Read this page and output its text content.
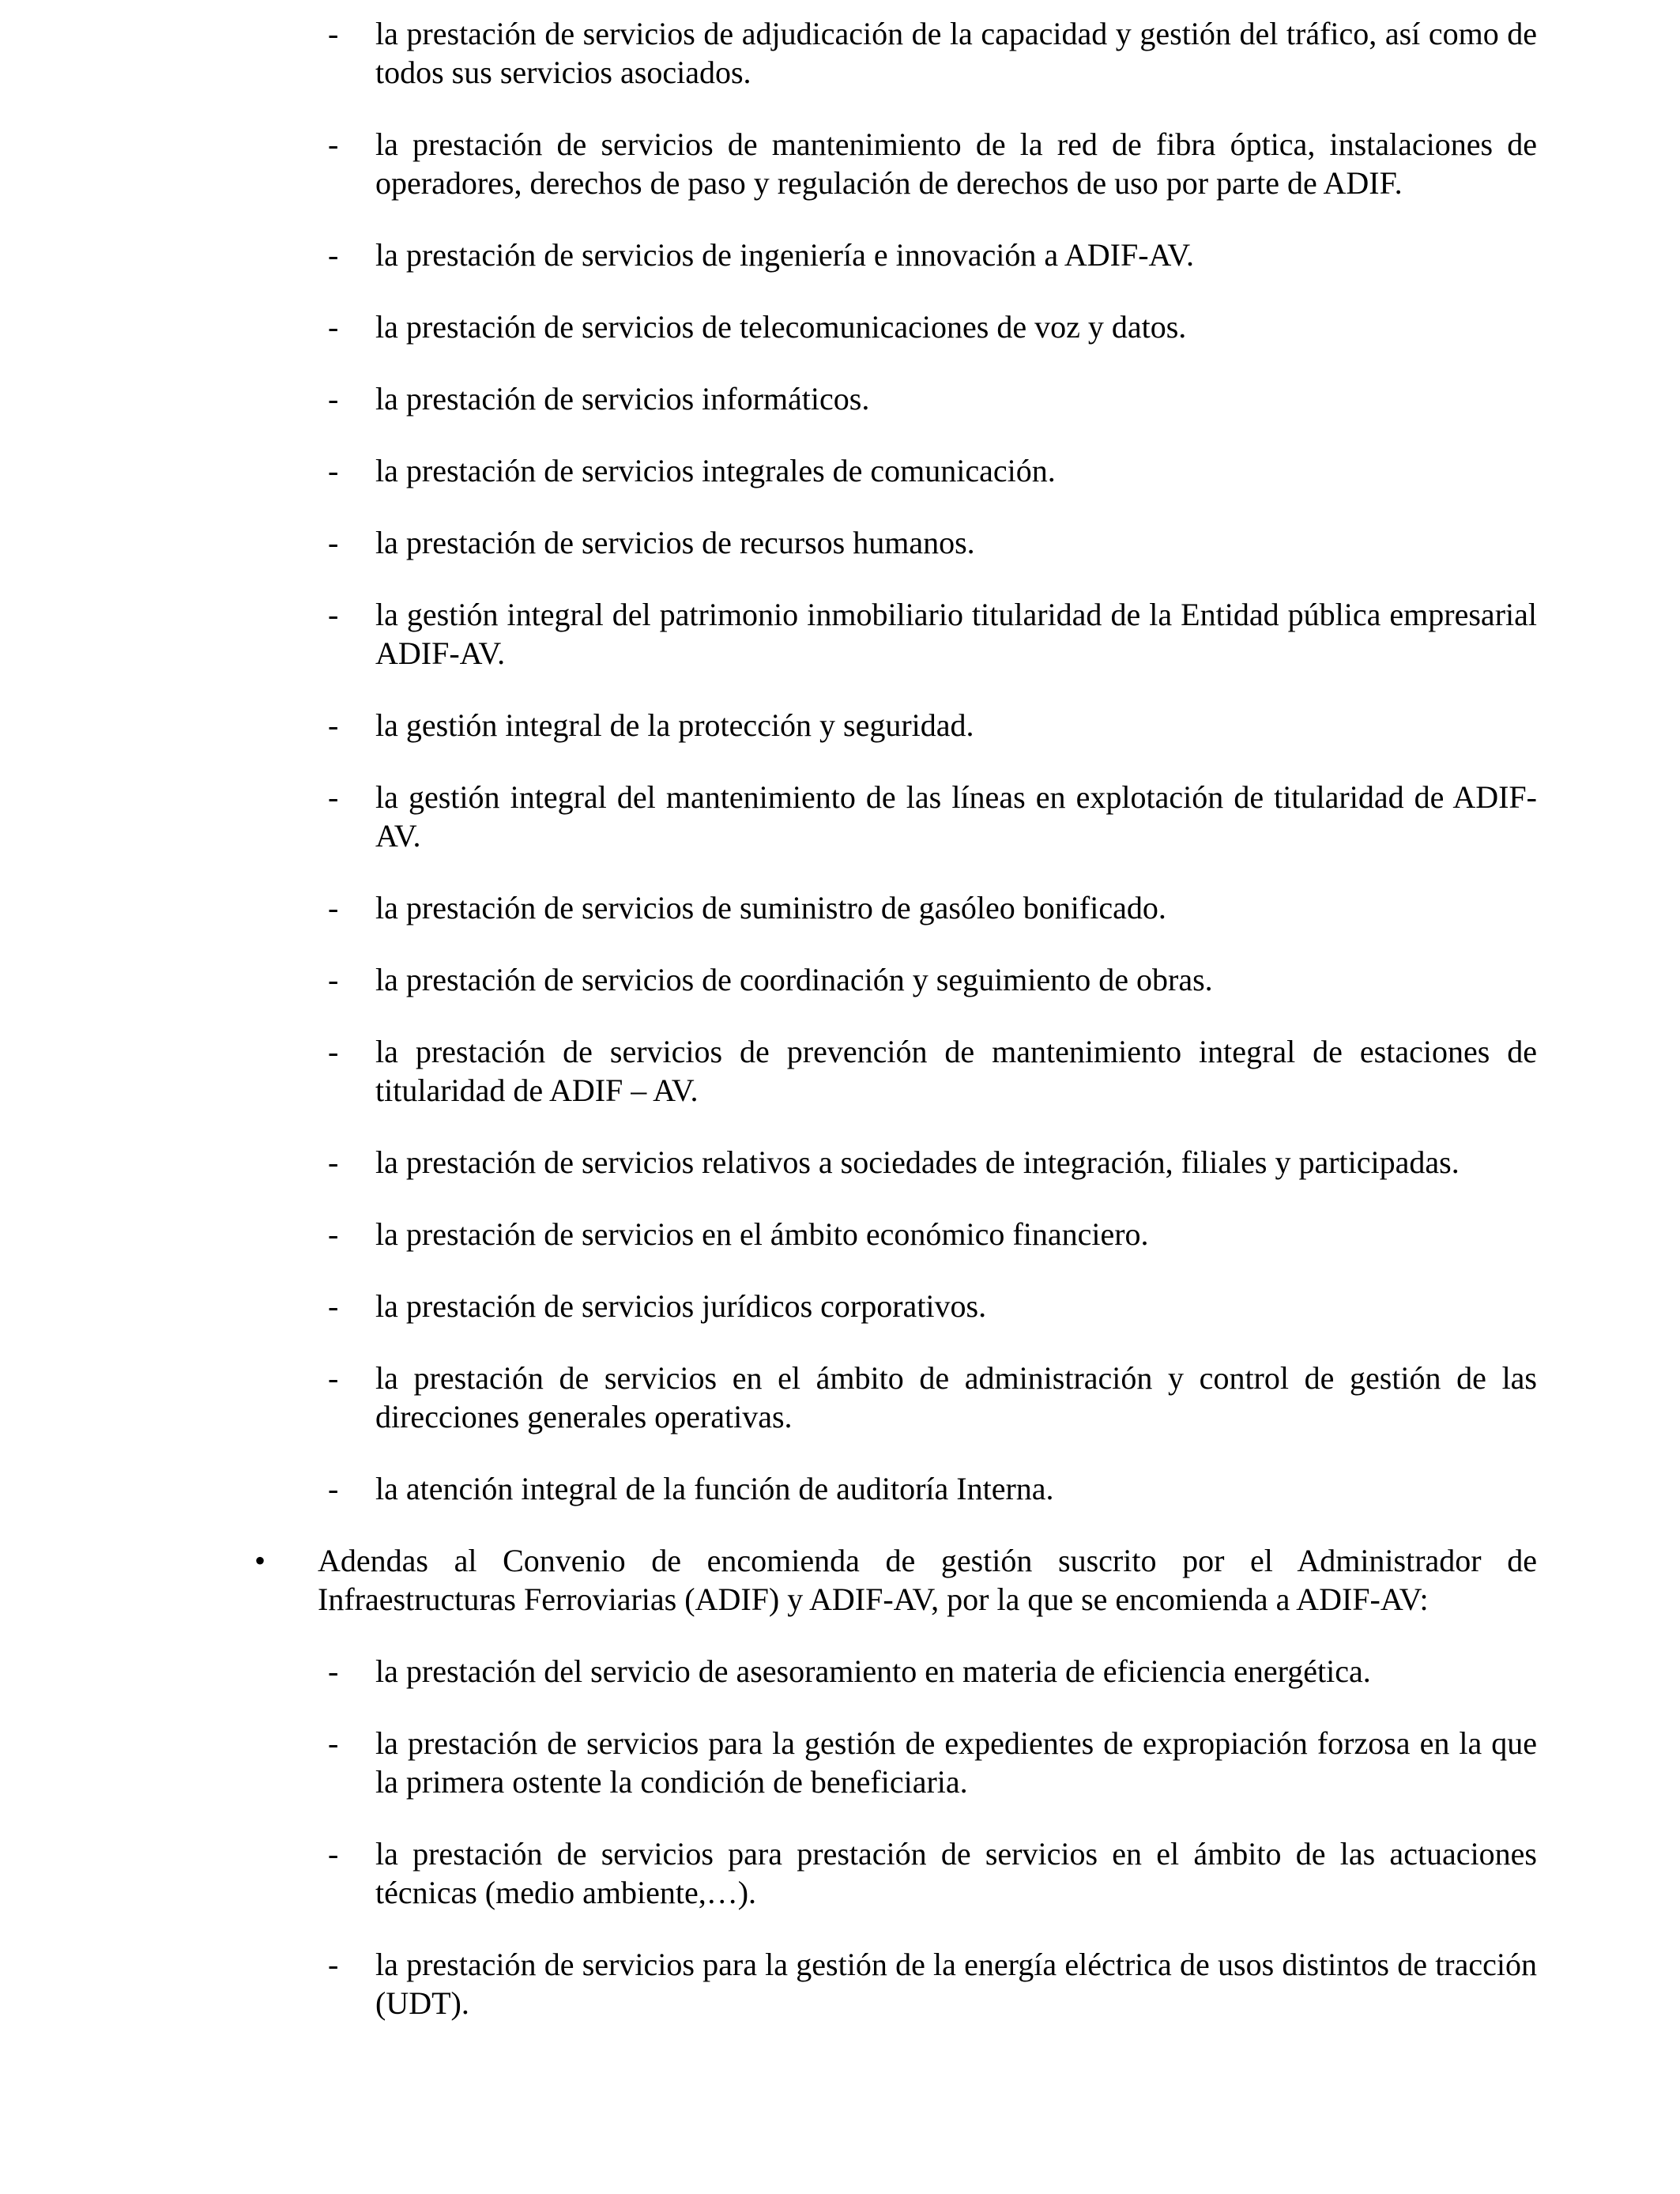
-	la prestación de servicios de adjudicación de la capacidad y gestión del tráfico, así como de todos sus servicios asociados.

-	la prestación de servicios de mantenimiento de la red de fibra óptica, instalaciones de operadores, derechos de paso y regulación de derechos de uso por parte de ADIF.

-	la prestación de servicios de ingeniería e innovación a ADIF-AV.

-	la prestación de servicios de telecomunicaciones de voz y datos.

-	la prestación de servicios informáticos.

-	la prestación de servicios integrales de comunicación.

-	la prestación de servicios de recursos humanos.

-	la gestión integral del patrimonio inmobiliario titularidad de la Entidad pública empresarial ADIF-AV.

-	la gestión integral de la protección y seguridad.

-	la gestión integral del mantenimiento de las líneas en explotación de titularidad de ADIF-AV.

-	la prestación de servicios de suministro de gasóleo bonificado.

-	la prestación de servicios de coordinación y seguimiento de obras.

-	la prestación de servicios de prevención de mantenimiento integral de estaciones de titularidad de ADIF – AV.

-	la prestación de servicios relativos a sociedades de integración, filiales y participadas.

-	la prestación de servicios en el ámbito económico financiero.

-	la prestación de servicios jurídicos corporativos.

-	la prestación de servicios en el ámbito de administración y control de gestión de las direcciones generales operativas.

-	la atención integral de la función de auditoría Interna.

•	Adendas al Convenio de encomienda de gestión suscrito por el Administrador de Infraestructuras Ferroviarias (ADIF) y ADIF-AV, por la que se encomienda a ADIF-AV:

-	la prestación del servicio de asesoramiento en materia de eficiencia energética.

-	la prestación de servicios para la gestión de expedientes de expropiación forzosa en la que la primera ostente la condición de beneficiaria.

-	la prestación de servicios para prestación de servicios en el ámbito de las actuaciones técnicas (medio ambiente,…).

-	la prestación de servicios para la gestión de la energía eléctrica de usos distintos de tracción (UDT).
